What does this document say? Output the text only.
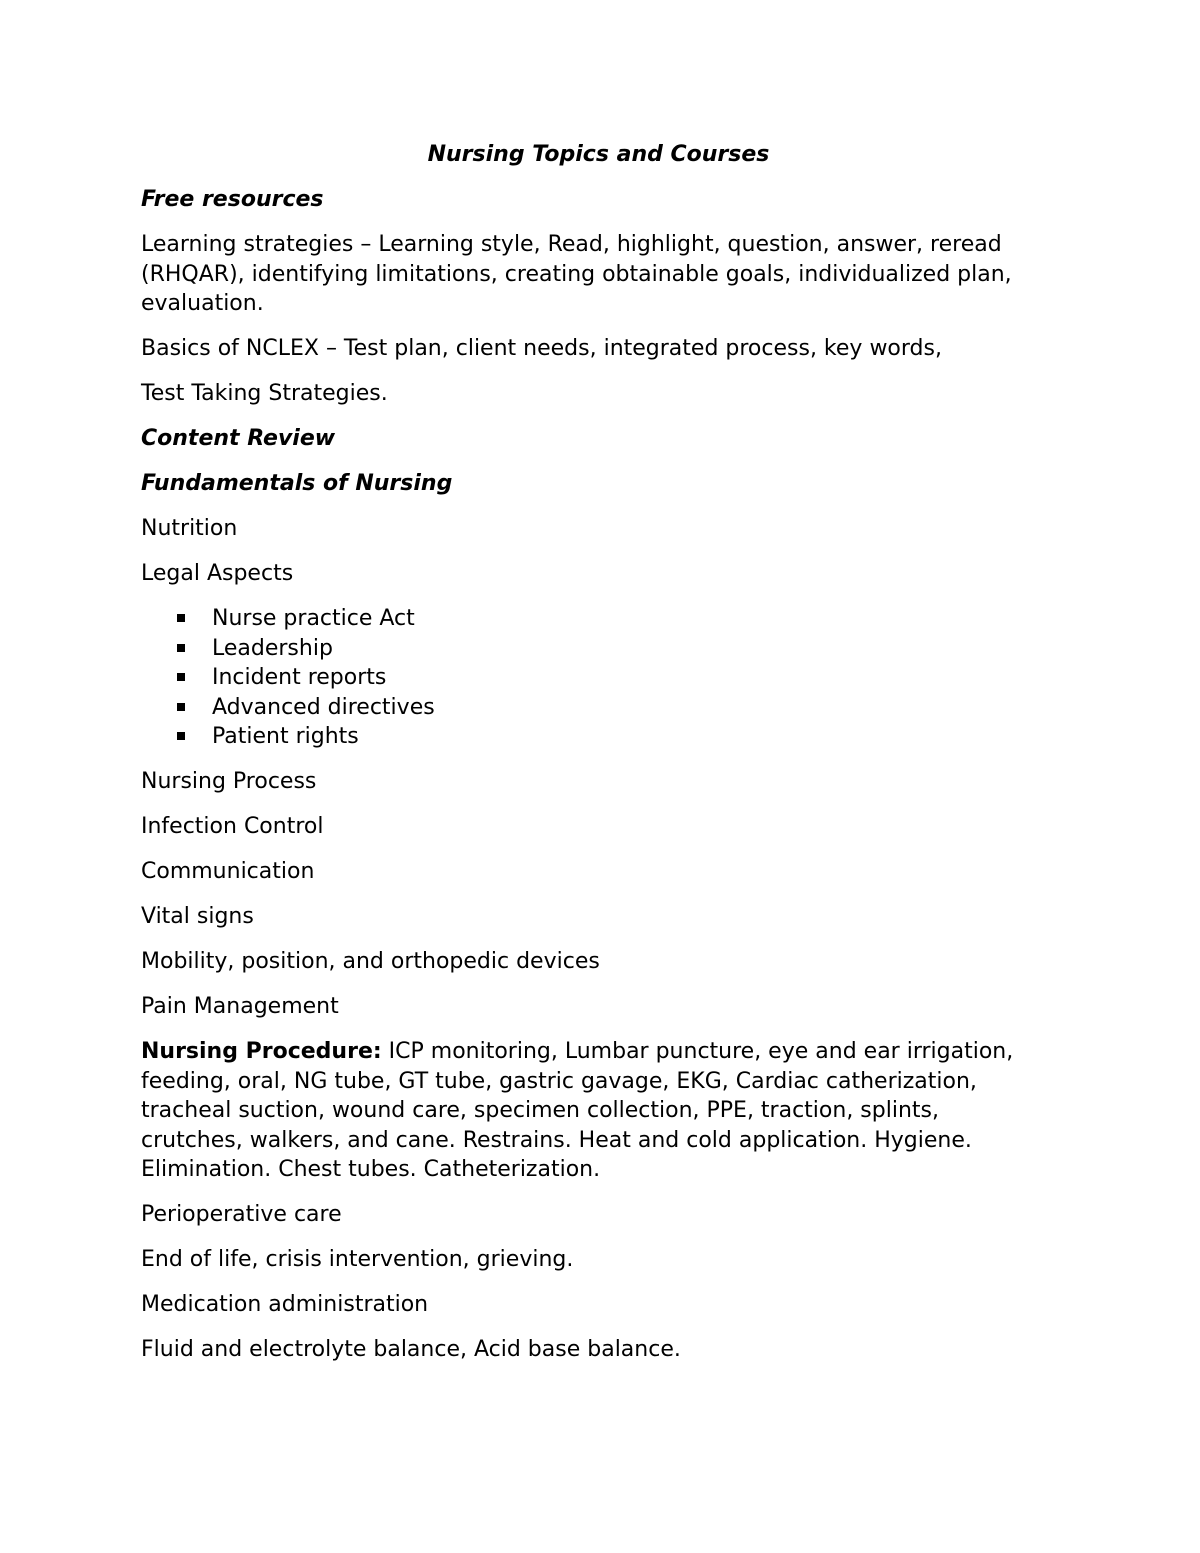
Nursing Topics and Courses
Free resources
Learning strategies – Learning style, Read, highlight, question, answer, reread (RHQAR), identifying limitations, creating obtainable goals, individualized plan, evaluation.
Basics of NCLEX – Test plan, client needs, integrated process, key words,
Test Taking Strategies.
Content Review
Fundamentals of Nursing
Nutrition
Legal Aspects
Nurse practice Act
Leadership
Incident reports
Advanced directives
Patient rights
Nursing Process
Infection Control
Communication
Vital signs
Mobility, position, and orthopedic devices
Pain Management
Nursing Procedure: ICP monitoring, Lumbar puncture, eye and ear irrigation, feeding, oral, NG tube, GT tube, gastric gavage, EKG, Cardiac catherization, tracheal suction, wound care, specimen collection, PPE, traction, splints, crutches, walkers, and cane. Restrains. Heat and cold application. Hygiene. Elimination. Chest tubes. Catheterization.
Perioperative care
End of life, crisis intervention, grieving.
Medication administration
Fluid and electrolyte balance, Acid base balance.
